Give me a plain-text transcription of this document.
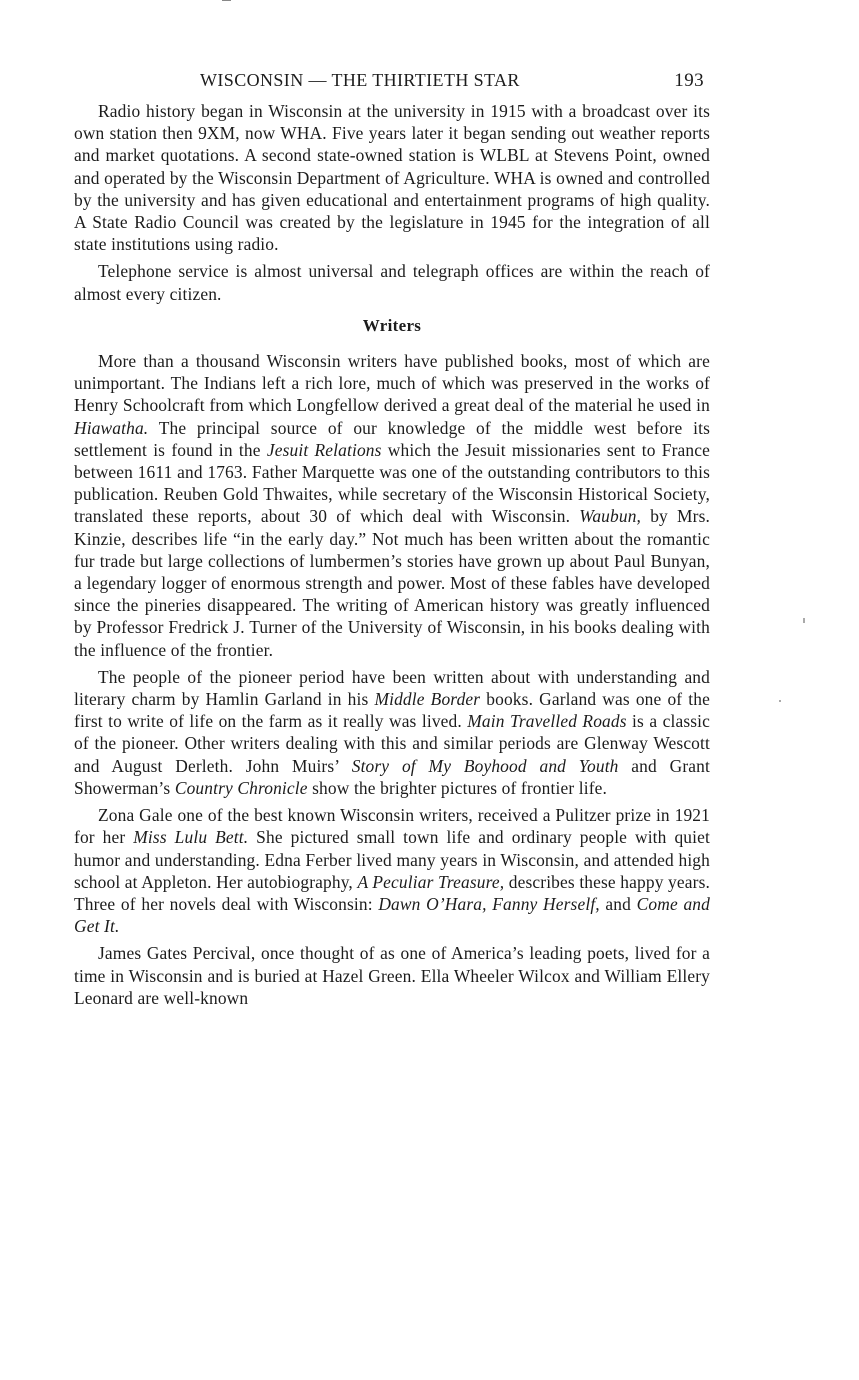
WISCONSIN — THE THIRTIETH STAR	193

Radio history began in Wisconsin at the university in 1915 with a broadcast over its own station then 9XM, now WHA. Five years later it began sending out weather reports and market quotations. A second state-owned station is WLBL at Stevens Point, owned and operated by the Wisconsin Department of Agriculture. WHA is owned and controlled by the university and has given educational and entertainment programs of high quality. A State Radio Council was created by the legislature in 1945 for the integration of all state institutions using radio.

Telephone service is almost universal and telegraph offices are within the reach of almost every citizen.

Writers

More than a thousand Wisconsin writers have published books, most of which are unimportant. The Indians left a rich lore, much of which was preserved in the works of Henry Schoolcraft from which Longfellow derived a great deal of the material he used in Hiawatha. The principal source of our knowledge of the middle west before its settlement is found in the Jesuit Relations which the Jesuit missionaries sent to France between 1611 and 1763. Father Marquette was one of the outstanding contributors to this publication. Reuben Gold Thwaites, while secretary of the Wisconsin Historical Society, translated these reports, about 30 of which deal with Wisconsin. Waubun, by Mrs. Kinzie, describes life “in the early day.” Not much has been written about the romantic fur trade but large collections of lumbermen’s stories have grown up about Paul Bunyan, a legendary logger of enormous strength and power. Most of these fables have developed since the pineries disappeared. The writing of American history was greatly influenced by Professor Fredrick J. Turner of the University of Wisconsin, in his books dealing with the influence of the frontier.

The people of the pioneer period have been written about with understanding and literary charm by Hamlin Garland in his Middle Border books. Garland was one of the first to write of life on the farm as it really was lived. Main Travelled Roads is a classic of the pioneer. Other writers dealing with this and similar periods are Glenway Wescott and August Derleth. John Muirs’ Story of My Boyhood and Youth and Grant Showerman’s Country Chronicle show the brighter pictures of frontier life.

Zona Gale one of the best known Wisconsin writers, received a Pulitzer prize in 1921 for her Miss Lulu Bett. She pictured small town life and ordinary people with quiet humor and understanding. Edna Ferber lived many years in Wisconsin, and attended high school at Appleton. Her autobiography, A Peculiar Treasure, describes these happy years. Three of her novels deal with Wisconsin: Dawn O’Hara, Fanny Herself, and Come and Get It.

James Gates Percival, once thought of as one of America’s leading poets, lived for a time in Wisconsin and is buried at Hazel Green. Ella Wheeler Wilcox and William Ellery Leonard are well-known
